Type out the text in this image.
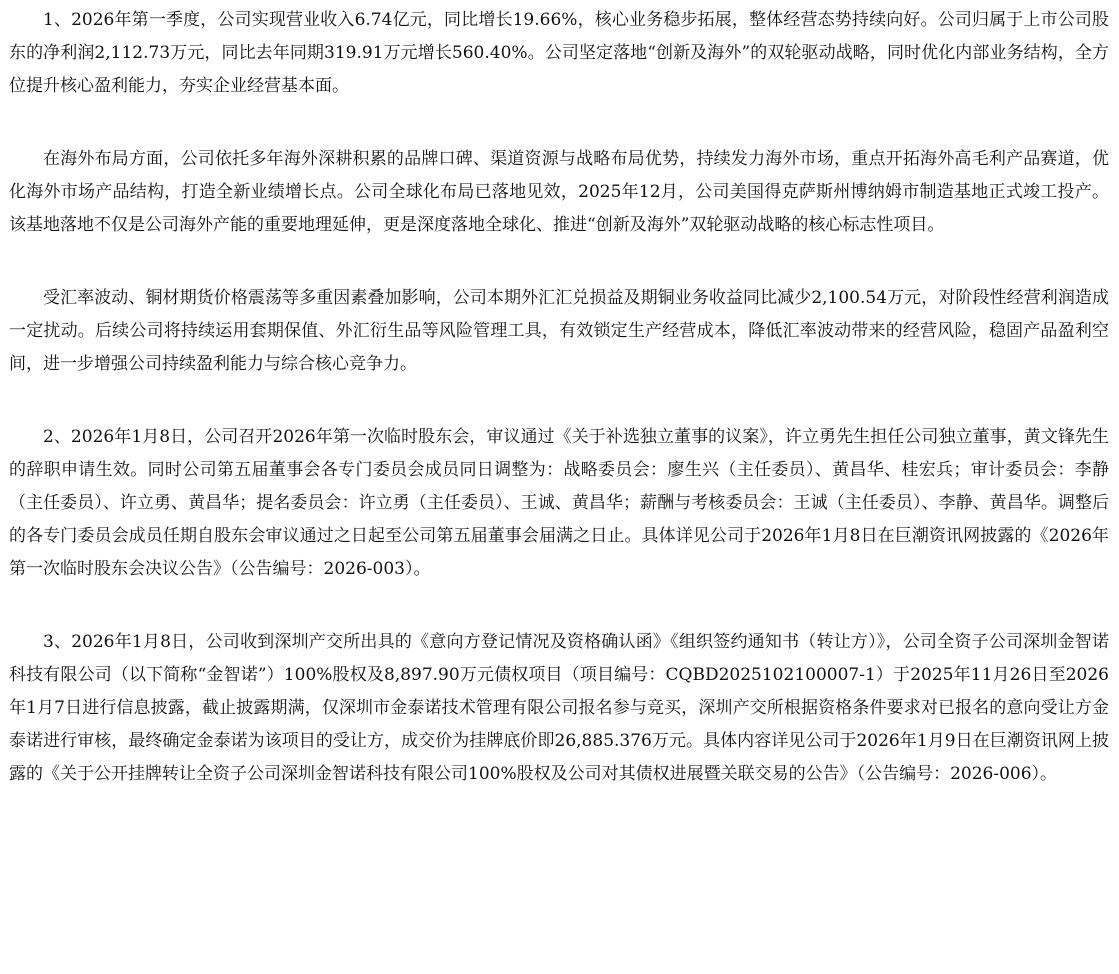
1、2026年第一季度，公司实现营业收入6.74亿元，同比增长19.66%，核心业务稳步拓展，整体经营态势持续向好。公司归属于上市公司股东的净利润2,112.73万元，同比去年同期319.91万元增长560.40%。公司坚定落地“创新及海外”的双轮驱动战略，同时优化内部业务结构，全方位提升核心盈利能力，夯实企业经营基本面。

在海外布局方面，公司依托多年海外深耕积累的品牌口碑、渠道资源与战略布局优势，持续发力海外市场，重点开拓海外高毛利产品赛道，优化海外市场产品结构，打造全新业绩增长点。公司全球化布局已落地见效，2025年12月，公司美国得克萨斯州博纳姆市制造基地正式竣工投产。该基地落地不仅是公司海外产能的重要地理延伸，更是深度落地全球化、推进“创新及海外”双轮驱动战略的核心标志性项目。

受汇率波动、铜材期货价格震荡等多重因素叠加影响，公司本期外汇汇兑损益及期铜业务收益同比减少2,100.54万元，对阶段性经营利润造成一定扰动。后续公司将持续运用套期保值、外汇衍生品等风险管理工具，有效锁定生产经营成本，降低汇率波动带来的经营风险，稳固产品盈利空间，进一步增强公司持续盈利能力与综合核心竞争力。

2、2026年1月8日，公司召开2026年第一次临时股东会，审议通过《关于补选独立董事的议案》，许立勇先生担任公司独立董事，黄文锋先生的辞职申请生效。同时公司第五届董事会各专门委员会成员同日调整为：战略委员会：廖生兴（主任委员）、黄昌华、桂宏兵；审计委员会：李静（主任委员）、许立勇、黄昌华；提名委员会：许立勇（主任委员）、王诚、黄昌华；薪酬与考核委员会：王诚（主任委员）、李静、黄昌华。调整后的各专门委员会成员任期自股东会审议通过之日起至公司第五届董事会届满之日止。具体详见公司于2026年1月8日在巨潮资讯网披露的《2026年第一次临时股东会决议公告》（公告编号：2026-003）。

3、2026年1月8日，公司收到深圳产交所出具的《意向方登记情况及资格确认函》《组织签约通知书（转让方）》，公司全资子公司深圳金智诺科技有限公司（以下简称“金智诺”）100%股权及8,897.90万元债权项目（项目编号：CQBD2025102100007-1）于2025年11月26日至2026年1月7日进行信息披露，截止披露期满，仅深圳市金泰诺技术管理有限公司报名参与竞买，深圳产交所根据资格条件要求对已报名的意向受让方金泰诺进行审核，最终确定金泰诺为该项目的受让方，成交价为挂牌底价即26,885.376万元。具体内容详见公司于2026年1月9日在巨潮资讯网上披露的《关于公开挂牌转让全资子公司深圳金智诺科技有限公司100%股权及公司对其债权进展暨关联交易的公告》（公告编号：2026-006）。
